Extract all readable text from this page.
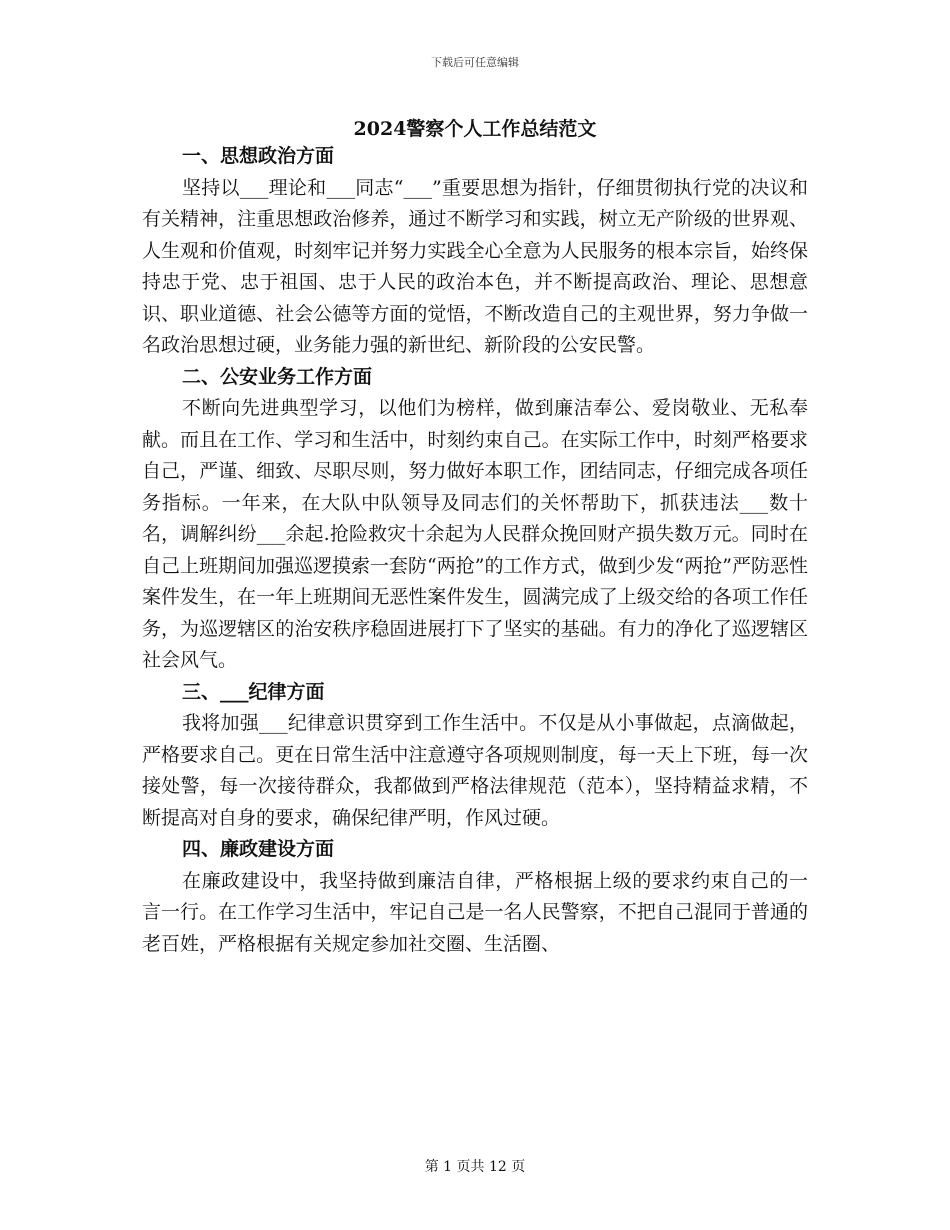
下载后可任意编辑
2024警察个人工作总结范文
一、思想政治方面
坚持以___理论和___同志“___”重要思想为指针，仔细贯彻执行党的决议和有关精神，注重思想政治修养，通过不断学习和实践，树立无产阶级的世界观、人生观和价值观，时刻牢记并努力实践全心全意为人民服务的根本宗旨，始终保持忠于党、忠于祖国、忠于人民的政治本色，并不断提高政治、理论、思想意识、职业道德、社会公德等方面的觉悟，不断改造自己的主观世界，努力争做一名政治思想过硬，业务能力强的新世纪、新阶段的公安民警。
二、公安业务工作方面
不断向先进典型学习，以他们为榜样，做到廉洁奉公、爱岗敬业、无私奉献。而且在工作、学习和生活中，时刻约束自己。在实际工作中，时刻严格要求自己，严谨、细致、尽职尽则，努力做好本职工作，团结同志，仔细完成各项任务指标。一年来，在大队中队领导及同志们的关怀帮助下，抓获违法___数十名，调解纠纷___余起.抢险救灾十余起为人民群众挽回财产损失数万元。同时在自己上班期间加强巡逻摸索一套防“两抢”的工作方式，做到少发“两抢”严防恶性案件发生，在一年上班期间无恶性案件发生，圆满完成了上级交给的各项工作任务，为巡逻辖区的治安秩序稳固进展打下了坚实的基础。有力的净化了巡逻辖区社会风气。
三、___纪律方面
我将加强___纪律意识贯穿到工作生活中。不仅是从小事做起，点滴做起，严格要求自己。更在日常生活中注意遵守各项规则制度，每一天上下班，每一次接处警，每一次接待群众，我都做到严格法律规范（范本），坚持精益求精，不断提高对自身的要求，确保纪律严明，作风过硬。
四、廉政建设方面
在廉政建设中，我坚持做到廉洁自律，严格根据上级的要求约束自己的一言一行。在工作学习生活中，牢记自己是一名人民警察，不把自己混同于普通的老百姓，严格根据有关规定参加社交圈、生活圈、
第 1 页共 12 页
